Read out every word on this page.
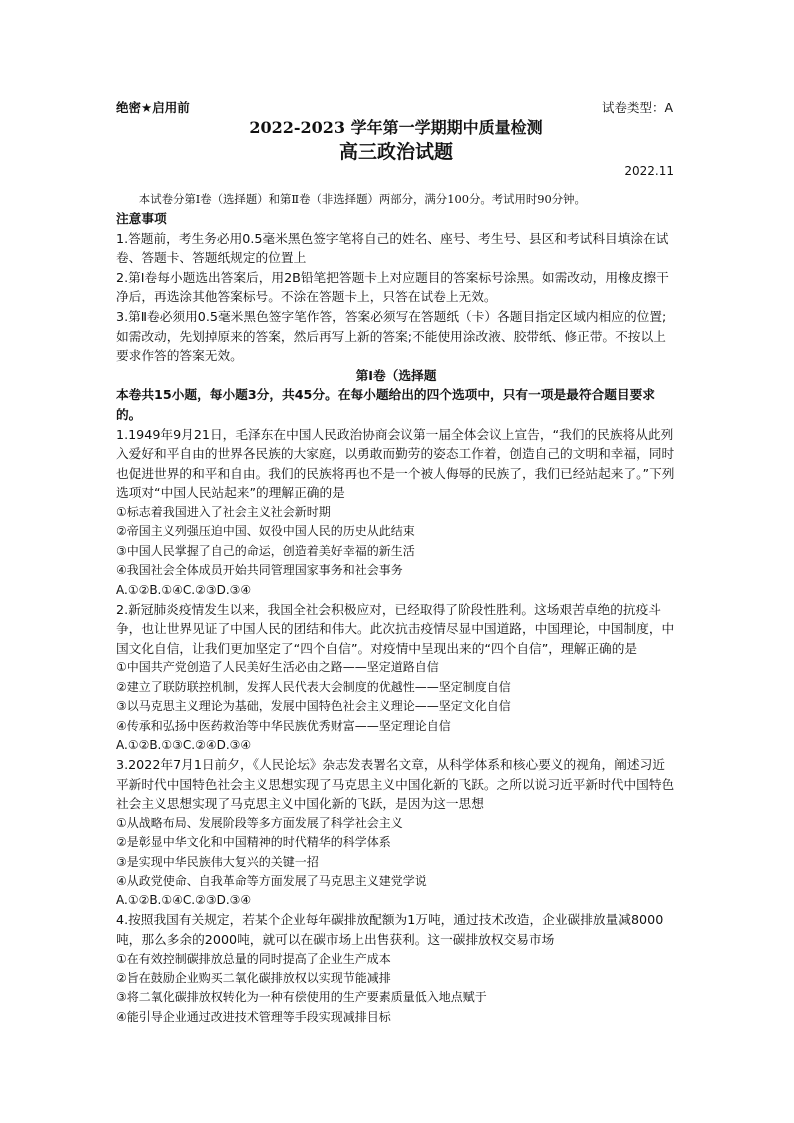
绝密★启用前	试卷类型：A
2022-2023 学年第一学期期中质量检测
高三政治试题
2022.11
本试卷分第Ⅰ卷（选择题）和第Ⅱ卷（非选择题）两部分，满分100分。考试用时90分钟。

注意事项

1.答题前，考生务必用0.5毫米黑色签字笔将自己的姓名、座号、考生号、县区和考试科目填涂在试卷、答题卡、答题纸规定的位置上

2.第Ⅰ卷每小题选出答案后，用2B铅笔把答题卡上对应题目的答案标号涂黑。如需改动，用橡皮擦干净后，再选涂其他答案标号。不涂在答题卡上，只答在试卷上无效。

3.第Ⅱ卷必须用0.5毫米黑色签字笔作答，答案必须写在答题纸（卡）各题目指定区域内相应的位置;如需改动，先划掉原来的答案，然后再写上新的答案;不能使用涂改液、胶带纸、修正带。不按以上要求作答的答案无效。

第Ⅰ卷（选择题

本卷共15小题，每小题3分，共45分。在每小题给出的四个选项中，只有一项是最符合题目要求的。

1.1949年9月21日，毛泽东在中国人民政治协商会议第一届全体会议上宣告，“我们的民族将从此列入爱好和平自由的世界各民族的大家庭，以勇敢而勤劳的姿态工作着，创造自己的文明和幸福，同时也促进世界的和平和自由。我们的民族将再也不是一个被人侮辱的民族了，我们已经站起来了。”下列选项对“中国人民站起来”的理解正确的是

①标志着我国进入了社会主义社会新时期

②帝国主义列强压迫中国、奴役中国人民的历史从此结束

③中国人民掌握了自己的命运，创造着美好幸福的新生活

④我国社会全体成员开始共同管理国家事务和社会事务

A.①②B.①④C.②③D.③④

2.新冠肺炎疫情发生以来，我国全社会积极应对，已经取得了阶段性胜利。这场艰苦卓绝的抗疫斗争，也让世界见证了中国人民的团结和伟大。此次抗击疫情尽显中国道路，中国理论，中国制度，中国文化自信，让我们更加坚定了“四个自信”。对疫情中呈现出来的“四个自信”，理解正确的是

①中国共产党创造了人民美好生活必由之路——坚定道路自信

②建立了联防联控机制，发挥人民代表大会制度的优越性——坚定制度自信

③以马克思主义理论为基础，发展中国特色社会主义理论——坚定文化自信

④传承和弘扬中医药救治等中华民族优秀财富——坚定理论自信

A.①②B.①③C.②④D.③④

3.2022年7月1日前夕，《人民论坛》杂志发表署名文章，从科学体系和核心要义的视角，阐述习近平新时代中国特色社会主义思想实现了马克思主义中国化新的飞跃。之所以说习近平新时代中国特色社会主义思想实现了马克思主义中国化新的飞跃，是因为这一思想

①从战略布局、发展阶段等多方面发展了科学社会主义

②是彰显中华文化和中国精神的时代精华的科学体系

③是实现中华民族伟大复兴的关键一招

④从政党使命、自我革命等方面发展了马克思主义建党学说

A.①②B.①④C.②③D.③④

4.按照我国有关规定，若某个企业每年碳排放配额为1万吨，通过技术改造，企业碳排放量减8000吨，那么多余的2000吨，就可以在碳市场上出售获利。这一碳排放权交易市场

①在有效控制碳排放总量的同时提高了企业生产成本

②旨在鼓励企业购买二氧化碳排放权以实现节能减排

③将二氧化碳排放权转化为一种有偿使用的生产要素质量低入地点赋于

④能引导企业通过改进技术管理等手段实现减排目标
